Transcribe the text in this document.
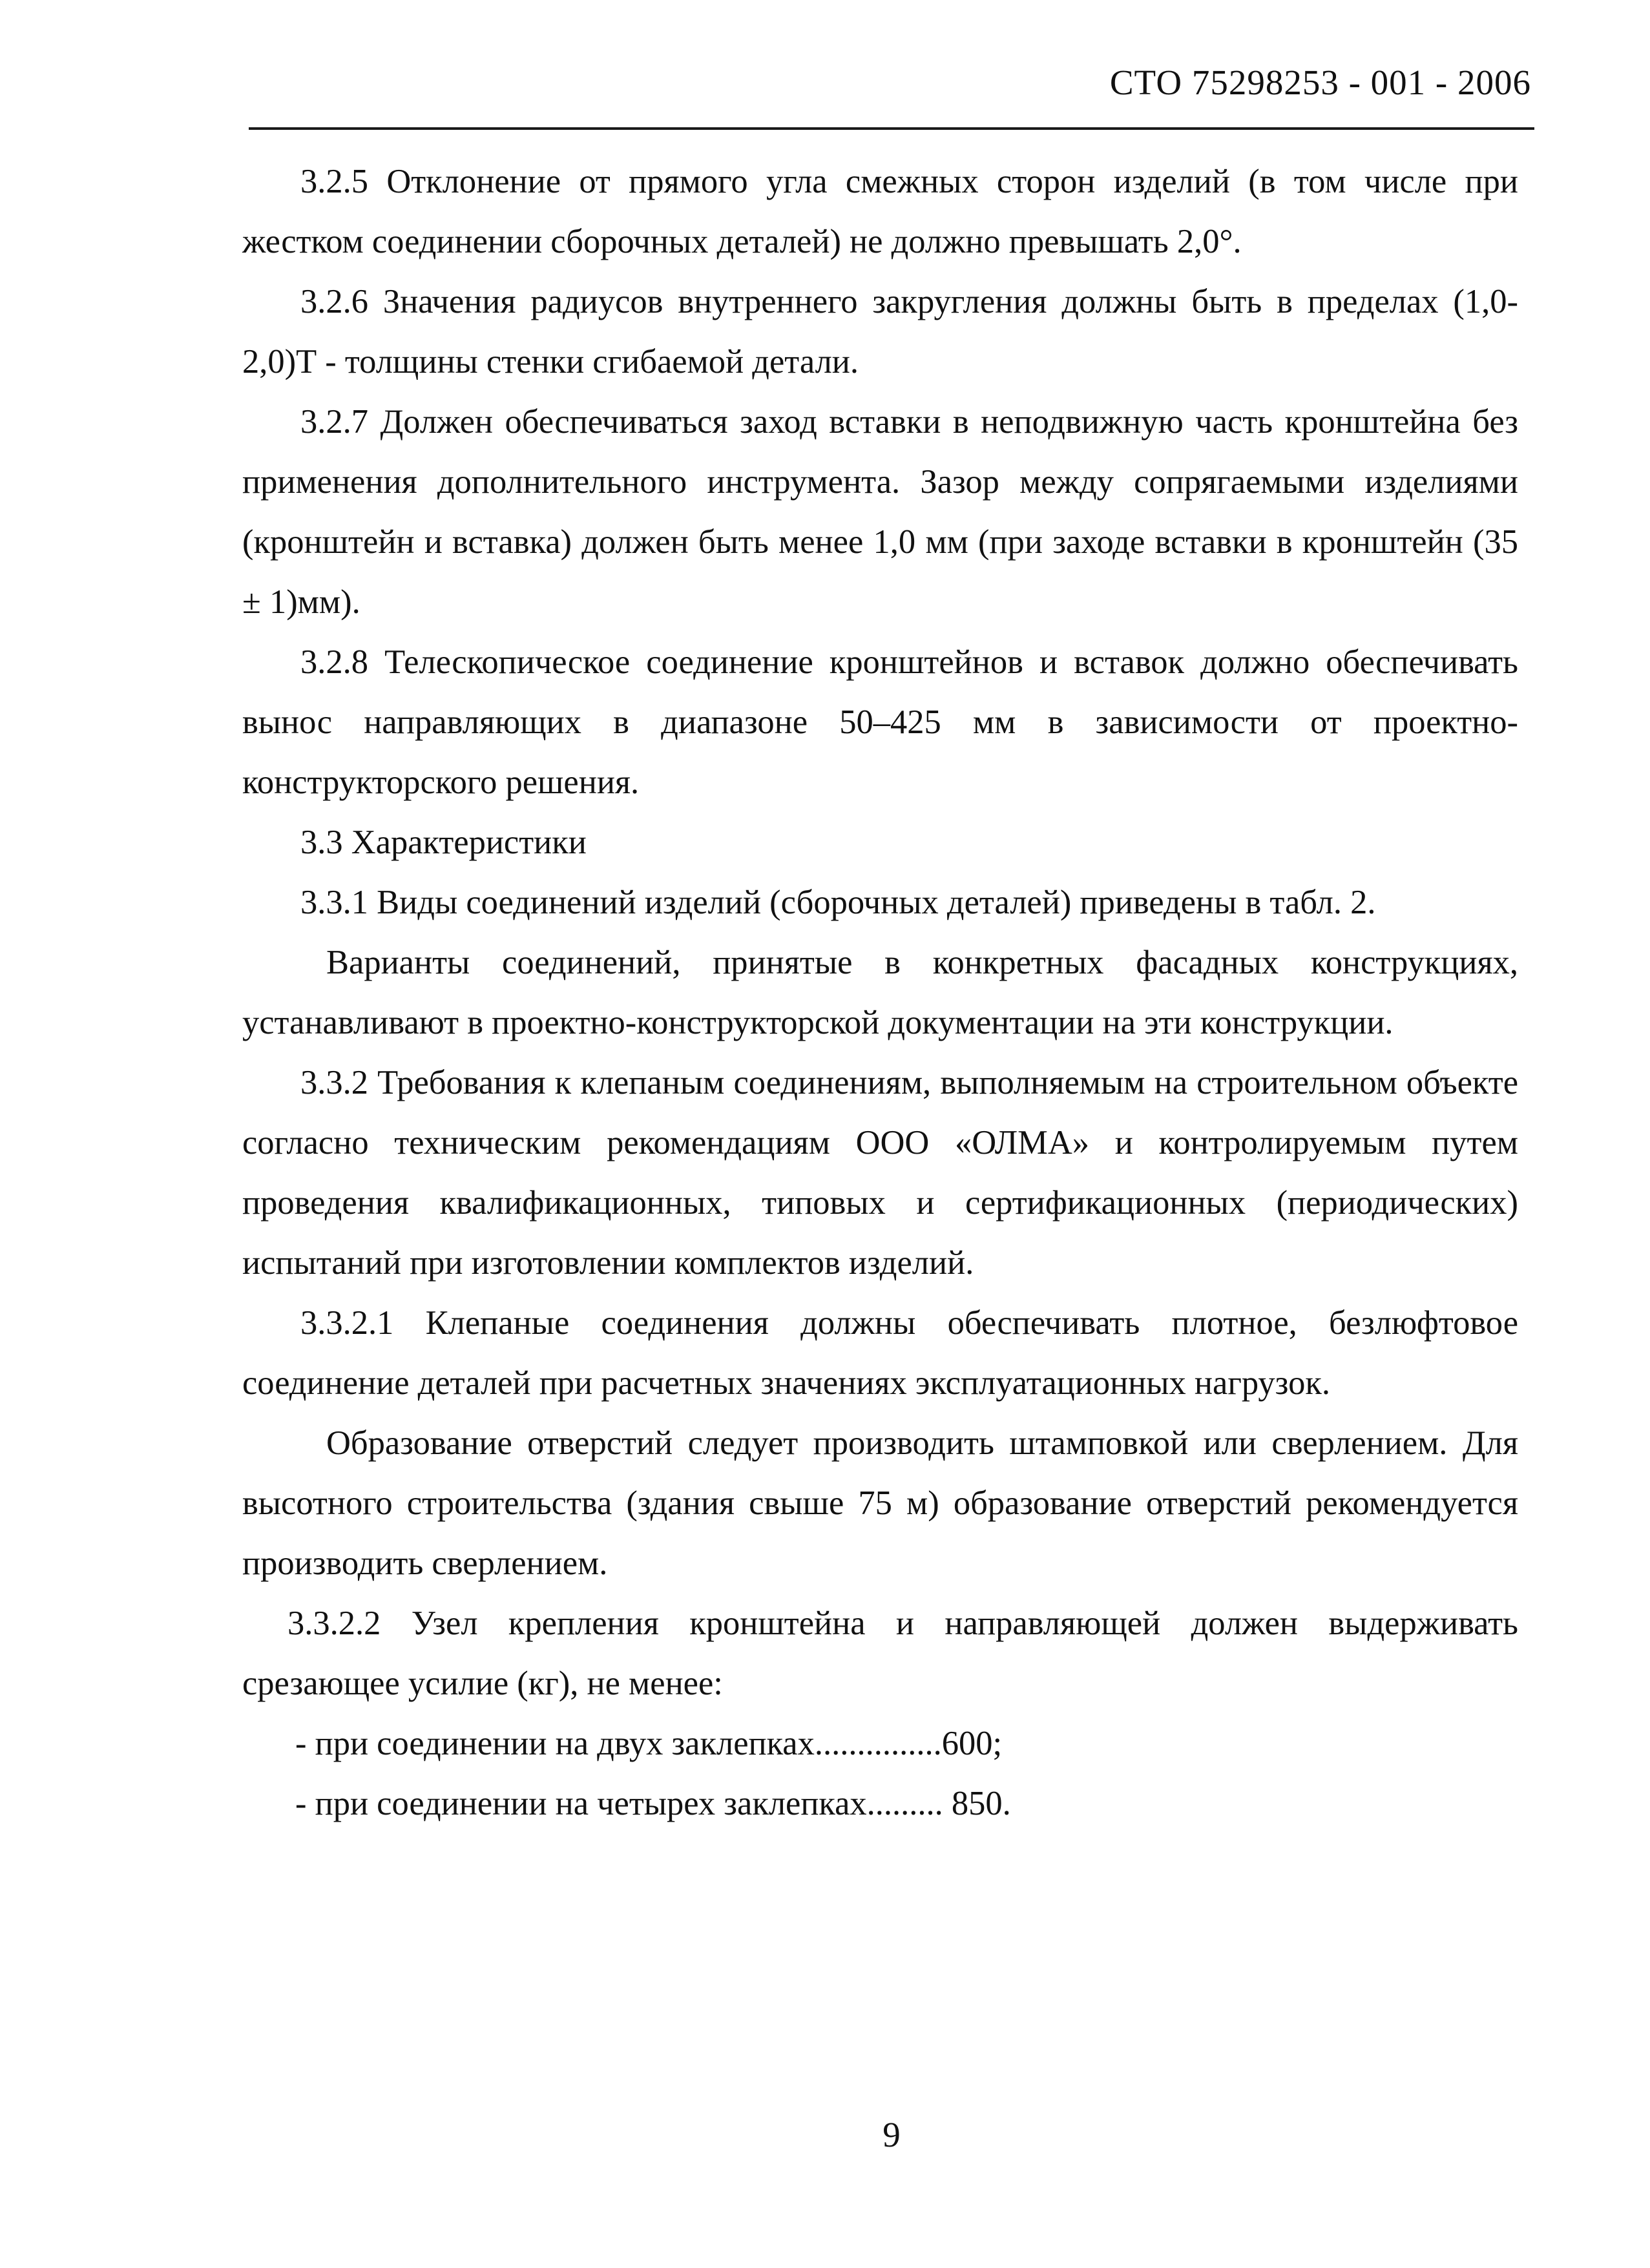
СТО 75298253 - 001 - 2006

3.2.5 Отклонение от прямого угла смежных сторон изделий (в том числе при жестком соединении сборочных деталей) не должно превышать 2,0°.

3.2.6 Значения радиусов внутреннего закругления должны быть в пределах (1,0-2,0)Т - толщины стенки сгибаемой детали.

3.2.7 Должен обеспечиваться заход вставки в неподвижную часть кронштейна без применения дополнительного инструмента. Зазор между сопрягаемыми изделиями (кронштейн и вставка) должен быть менее 1,0 мм (при заходе вставки в кронштейн (35 ± 1)мм).

3.2.8 Телескопическое соединение кронштейнов и вставок должно обеспечивать вынос направляющих в диапазоне 50–425 мм в зависимости от проектно-конструкторского решения.

3.3 Характеристики

3.3.1 Виды соединений изделий (сборочных деталей) приведены в табл. 2.

Варианты соединений, принятые в конкретных фасадных конструкциях, устанавливают в проектно-конструкторской документации на эти конструкции.

3.3.2 Требования к клепаным соединениям, выполняемым на строительном объекте согласно техническим рекомендациям ООО «ОЛМА» и контролируемым путем проведения квалификационных, типовых и сертификационных (периодических) испытаний при изготовлении комплектов изделий.

3.3.2.1 Клепаные соединения должны обеспечивать плотное, безлюфтовое соединение деталей при расчетных значениях эксплуатационных нагрузок.

Образование отверстий следует производить штамповкой или сверлением. Для высотного строительства (здания свыше 75 м) образование отверстий рекомендуется производить сверлением.

3.3.2.2 Узел крепления кронштейна и направляющей должен выдерживать срезающее усилие (кг), не менее:

- при соединении на двух заклепках...............600;

- при соединении на четырех заклепках......... 850.

9
